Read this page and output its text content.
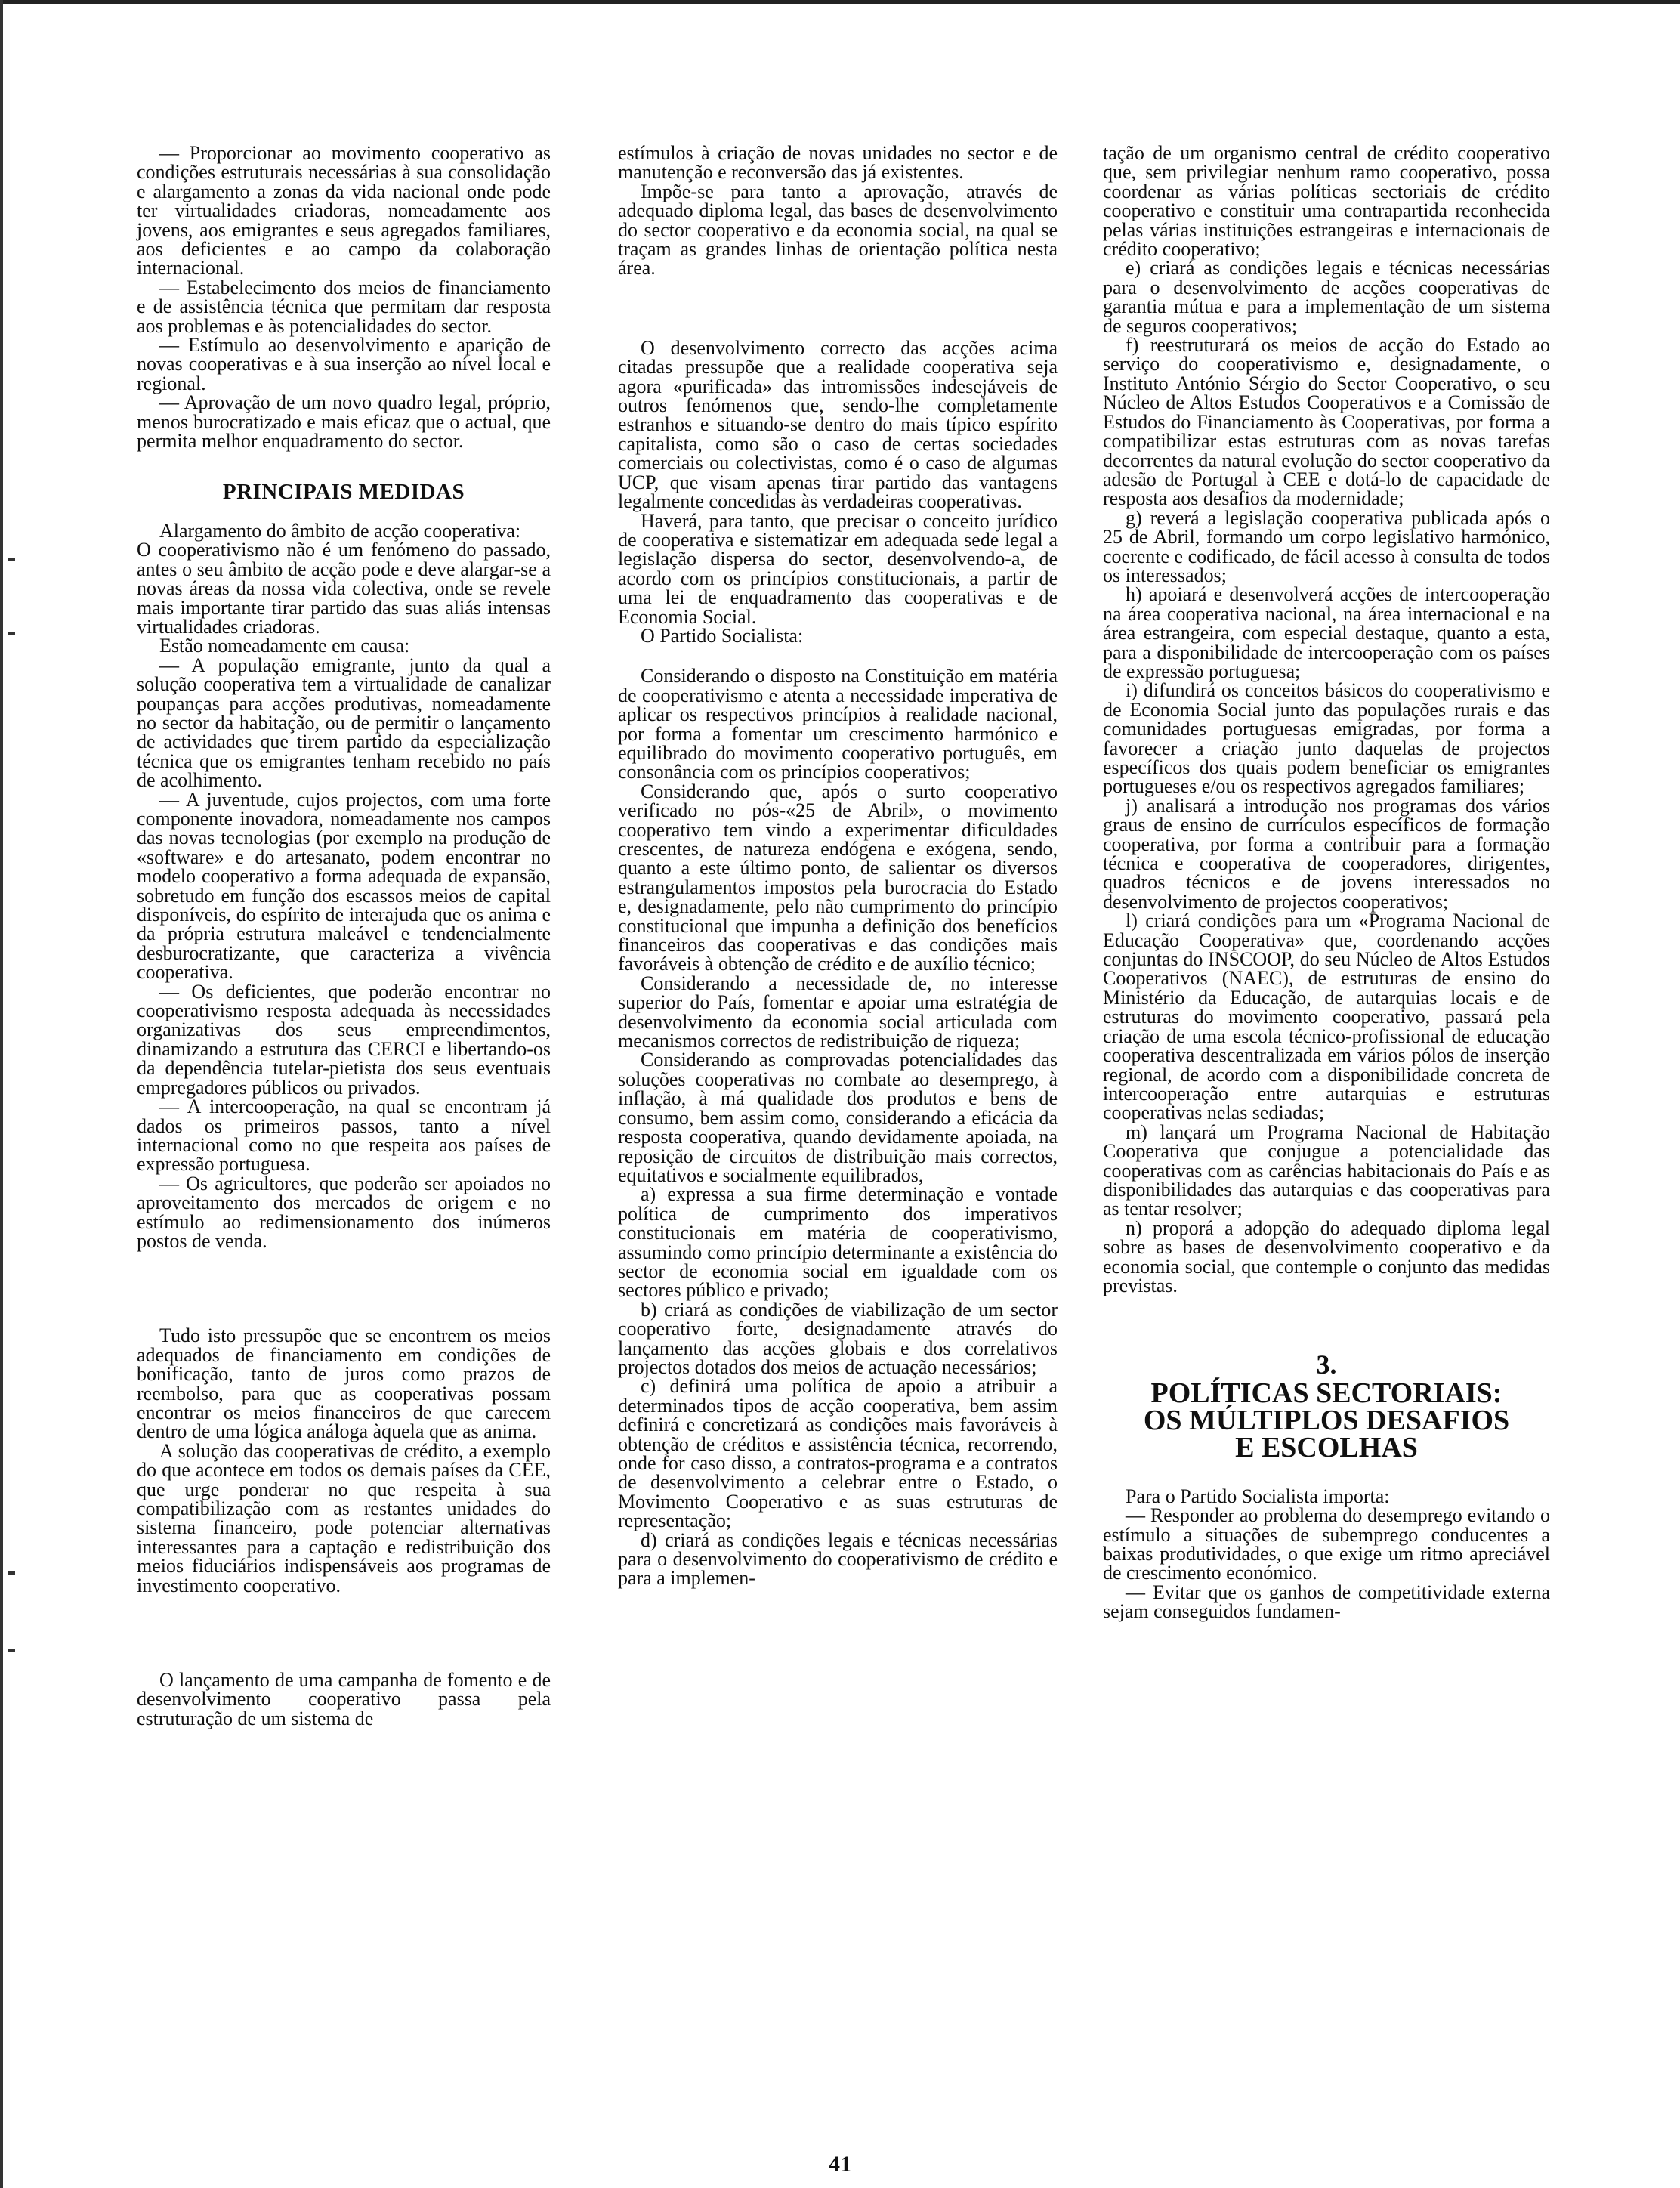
— Proporcionar ao movimento cooperativo as condições estruturais necessárias à sua consolidação e alargamento a zonas da vida nacional onde pode ter virtualidades criadoras, nomeadamente aos jovens, aos emigrantes e seus agregados familiares, aos deficientes e ao campo da colaboração internacional.

— Estabelecimento dos meios de financiamento e de assistência técnica que permitam dar resposta aos problemas e às potencialidades do sector.

— Estímulo ao desenvolvimento e aparição de novas cooperativas e à sua inserção ao nível local e regional.

— Aprovação de um novo quadro legal, próprio, menos burocratizado e mais eficaz que o actual, que permita melhor enquadramento do sector.

PRINCIPAIS MEDIDAS

Alargamento do âmbito de acção cooperativa:

O cooperativismo não é um fenómeno do passado, antes o seu âmbito de acção pode e deve alargar-se a novas áreas da nossa vida colectiva, onde se revele mais importante tirar partido das suas aliás intensas virtualidades criadoras.

Estão nomeadamente em causa:

— A população emigrante, junto da qual a solução cooperativa tem a virtualidade de canalizar poupanças para acções produtivas, nomeadamente no sector da habitação, ou de permitir o lançamento de actividades que tirem partido da especialização técnica que os emigrantes tenham recebido no país de acolhimento.

— A juventude, cujos projectos, com uma forte componente inovadora, nomeadamente nos campos das novas tecnologias (por exemplo na produção de «software» e do artesanato, podem encontrar no modelo cooperativo a forma adequada de expansão, sobretudo em função dos escassos meios de capital disponíveis, do espírito de interajuda que os anima e da própria estrutura maleável e tendencialmente desburocratizante, que caracteriza a vivência cooperativa.

— Os deficientes, que poderão encontrar no cooperativismo resposta adequada às necessidades organizativas dos seus empreendimentos, dinamizando a estrutura das CERCI e libertando-os da dependência tutelar-pietista dos seus eventuais empregadores públicos ou privados.

— A intercooperação, na qual se encontram já dados os primeiros passos, tanto a nível internacional como no que respeita aos países de expressão portuguesa.

— Os agricultores, que poderão ser apoiados no aproveitamento dos mercados de origem e no estímulo ao redimensionamento dos inúmeros postos de venda.

Tudo isto pressupõe que se encontrem os meios adequados de financiamento em condições de bonificação, tanto de juros como prazos de reembolso, para que as cooperativas possam encontrar os meios financeiros de que carecem dentro de uma lógica análoga àquela que as anima.

A solução das cooperativas de crédito, a exemplo do que acontece em todos os demais países da CEE, que urge ponderar no que respeita à sua compatibilização com as restantes unidades do sistema financeiro, pode potenciar alternativas interessantes para a captação e redistribuição dos meios fiduciários indispensáveis aos programas de investimento cooperativo.

O lançamento de uma campanha de fomento e de desenvolvimento cooperativo passa pela estruturação de um sistema de

estímulos à criação de novas unidades no sector e de manutenção e reconversão das já existentes.

Impõe-se para tanto a aprovação, através de adequado diploma legal, das bases de desenvolvimento do sector cooperativo e da economia social, na qual se traçam as grandes linhas de orientação política nesta área.

O desenvolvimento correcto das acções acima citadas pressupõe que a realidade cooperativa seja agora «purificada» das intromissões indesejáveis de outros fenómenos que, sendo-lhe completamente estranhos e situando-se dentro do mais típico espírito capitalista, como são o caso de certas sociedades comerciais ou colectivistas, como é o caso de algumas UCP, que visam apenas tirar partido das vantagens legalmente concedidas às verdadeiras cooperativas.

Haverá, para tanto, que precisar o conceito jurídico de cooperativa e sistematizar em adequada sede legal a legislação dispersa do sector, desenvolvendo-a, de acordo com os princípios constitucionais, a partir de uma lei de enquadramento das cooperativas e de Economia Social.

O Partido Socialista:

Considerando o disposto na Constituição em matéria de cooperativismo e atenta a necessidade imperativa de aplicar os respectivos princípios à realidade nacional, por forma a fomentar um crescimento harmónico e equilibrado do movimento cooperativo português, em consonância com os princípios cooperativos;

Considerando que, após o surto cooperativo verificado no pós-«25 de Abril», o movimento cooperativo tem vindo a experimentar dificuldades crescentes, de natureza endógena e exógena, sendo, quanto a este último ponto, de salientar os diversos estrangulamentos impostos pela burocracia do Estado e, designadamente, pelo não cumprimento do princípio constitucional que impunha a definição dos benefícios financeiros das cooperativas e das condições mais favoráveis à obtenção de crédito e de auxílio técnico;

Considerando a necessidade de, no interesse superior do País, fomentar e apoiar uma estratégia de desenvolvimento da economia social articulada com mecanismos correctos de redistribuição de riqueza;

Considerando as comprovadas potencialidades das soluções cooperativas no combate ao desemprego, à inflação, à má qualidade dos produtos e bens de consumo, bem assim como, considerando a eficácia da resposta cooperativa, quando devidamente apoiada, na reposição de circuitos de distribuição mais correctos, equitativos e socialmente equilibrados,

a) expressa a sua firme determinação e vontade política de cumprimento dos imperativos constitucionais em matéria de cooperativismo, assumindo como princípio determinante a existência do sector de economia social em igualdade com os sectores público e privado;

b) criará as condições de viabilização de um sector cooperativo forte, designadamente através do lançamento das acções globais e dos correlativos projectos dotados dos meios de actuação necessários;

c) definirá uma política de apoio a atribuir a determinados tipos de acção cooperativa, bem assim definirá e concretizará as condições mais favoráveis à obtenção de créditos e assistência técnica, recorrendo, onde for caso disso, a contratos-programa e a contratos de desenvolvimento a celebrar entre o Estado, o Movimento Cooperativo e as suas estruturas de representação;

d) criará as condições legais e técnicas necessárias para o desenvolvimento do cooperativismo de crédito e para a implemen-

tação de um organismo central de crédito cooperativo que, sem privilegiar nenhum ramo cooperativo, possa coordenar as várias políticas sectoriais de crédito cooperativo e constituir uma contrapartida reconhecida pelas várias instituições estrangeiras e internacionais de crédito cooperativo;

e) criará as condições legais e técnicas necessárias para o desenvolvimento de acções cooperativas de garantia mútua e para a implementação de um sistema de seguros cooperativos;

f) reestruturará os meios de acção do Estado ao serviço do cooperativismo e, designadamente, o Instituto António Sérgio do Sector Cooperativo, o seu Núcleo de Altos Estudos Cooperativos e a Comissão de Estudos do Financiamento às Cooperativas, por forma a compatibilizar estas estruturas com as novas tarefas decorrentes da natural evolução do sector cooperativo da adesão de Portugal à CEE e dotá-lo de capacidade de resposta aos desafios da modernidade;

g) reverá a legislação cooperativa publicada após o 25 de Abril, formando um corpo legislativo harmónico, coerente e codificado, de fácil acesso à consulta de todos os interessados;

h) apoiará e desenvolverá acções de intercooperação na área cooperativa nacional, na área internacional e na área estrangeira, com especial destaque, quanto a esta, para a disponibilidade de intercooperação com os países de expressão portuguesa;

i) difundirá os conceitos básicos do cooperativismo e de Economia Social junto das populações rurais e das comunidades portuguesas emigradas, por forma a favorecer a criação junto daquelas de projectos específicos dos quais podem beneficiar os emigrantes portugueses e/ou os respectivos agregados familiares;

j) analisará a introdução nos programas dos vários graus de ensino de currículos específicos de formação cooperativa, por forma a contribuir para a formação técnica e cooperativa de cooperadores, dirigentes, quadros técnicos e de jovens interessados no desenvolvimento de projectos cooperativos;

l) criará condições para um «Programa Nacional de Educação Cooperativa» que, coordenando acções conjuntas do INSCOOP, do seu Núcleo de Altos Estudos Cooperativos (NAEC), de estruturas de ensino do Ministério da Educação, de autarquias locais e de estruturas do movimento cooperativo, passará pela criação de uma escola técnico-profissional de educação cooperativa descentralizada em vários pólos de inserção regional, de acordo com a disponibilidade concreta de intercooperação entre autarquias e estruturas cooperativas nelas sediadas;

m) lançará um Programa Nacional de Habitação Cooperativa que conjugue a potencialidade das cooperativas com as carências habitacionais do País e as disponibilidades das autarquias e das cooperativas para as tentar resolver;

n) proporá a adopção do adequado diploma legal sobre as bases de desenvolvimento cooperativo e da economia social, que contemple o conjunto das medidas previstas.

3.
POLÍTICAS SECTORIAIS:
OS MÚLTIPLOS DESAFIOS
E ESCOLHAS

Para o Partido Socialista importa:

— Responder ao problema do desemprego evitando o estímulo a situações de subemprego conducentes a baixas produtividades, o que exige um ritmo apreciável de crescimento económico.

— Evitar que os ganhos de competitividade externa sejam conseguidos fundamen-

41
